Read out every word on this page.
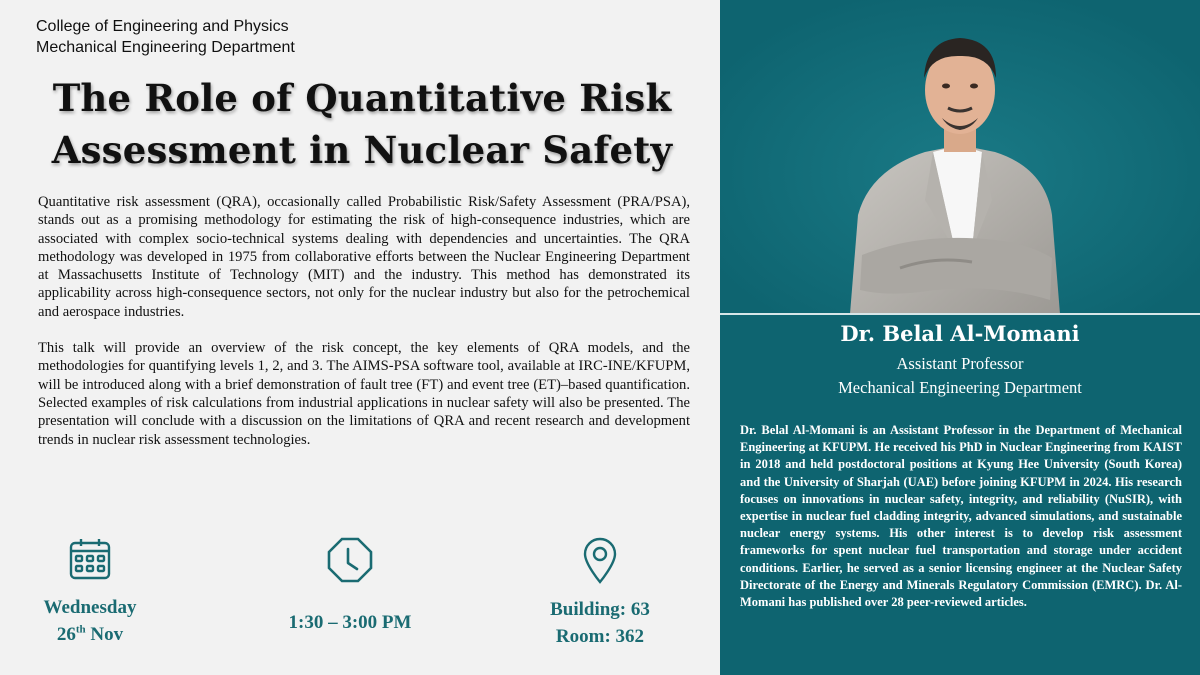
College of Engineering and Physics
Mechanical Engineering Department
The Role of Quantitative Risk
Assessment in Nuclear Safety

Quantitative risk assessment (QRA), occasionally called Probabilistic Risk/Safety Assessment (PRA/PSA), stands out as a promising methodology for estimating the risk of high-consequence industries, which are associated with complex socio-technical systems dealing with dependencies and uncertainties. The QRA methodology was developed in 1975 from collaborative efforts between the Nuclear Engineering Department at Massachusetts Institute of Technology (MIT) and the industry. This method has demonstrated its applicability across high-consequence sectors, not only for the nuclear industry but also for the petrochemical and aerospace industries.

This talk will provide an overview of the risk concept, the key elements of QRA models, and the methodologies for quantifying levels 1, 2, and 3. The AIMS-PSA software tool, available at IRC-INE/KFUPM, will be introduced along with a brief demonstration of fault tree (FT) and event tree (ET)–based quantification. Selected examples of risk calculations from industrial applications in nuclear safety will also be presented. The presentation will conclude with a discussion on the limitations of QRA and recent research and development trends in nuclear risk assessment technologies.

Wednesday
26th Nov
1:30 – 3:00 PM
Building: 63
Room: 362
Dr. Belal Al-Momani
Assistant Professor
Mechanical Engineering Department
Dr. Belal Al-Momani is an Assistant Professor in the Department of Mechanical Engineering at KFUPM. He received his PhD in Nuclear Engineering from KAIST in 2018 and held postdoctoral positions at Kyung Hee University (South Korea) and the University of Sharjah (UAE) before joining KFUPM in 2024. His research focuses on innovations in nuclear safety, integrity, and reliability (NuSIR), with expertise in nuclear fuel cladding integrity, advanced simulations, and sustainable nuclear energy systems. His other interest is to develop risk assessment frameworks for spent nuclear fuel transportation and storage under accident conditions. Earlier, he served as a senior licensing engineer at the Nuclear Safety Directorate of the Energy and Minerals Regulatory Commission (EMRC). Dr. Al-Momani has published over 28 peer-reviewed articles.
